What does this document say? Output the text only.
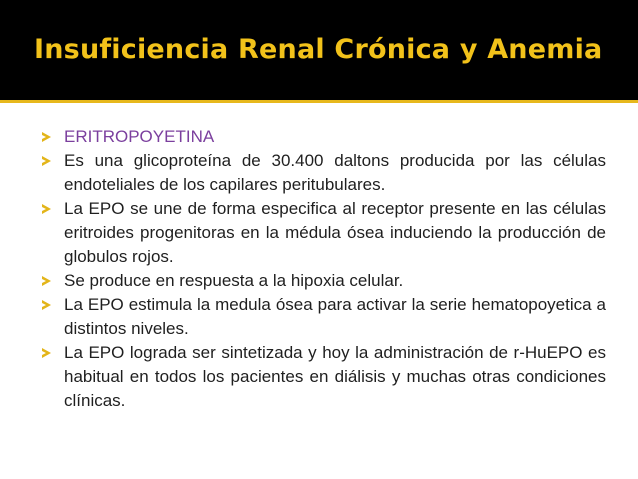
Insuficiencia Renal Crónica y Anemia
ERITROPOYETINA
Es una glicoproteína de 30.400 daltons producida por las células endoteliales de los capilares peritubulares.
La EPO se une de forma especifica al receptor presente en las células eritroides progenitoras en la médula ósea induciendo la producción de globulos rojos.
Se produce en respuesta a la hipoxia celular.
La EPO estimula la medula ósea para activar la serie hematopoyetica a distintos niveles.
La EPO lograda ser sintetizada y hoy la administración de r-HuEPO es habitual en todos los pacientes en diálisis y muchas otras condiciones clínicas.
